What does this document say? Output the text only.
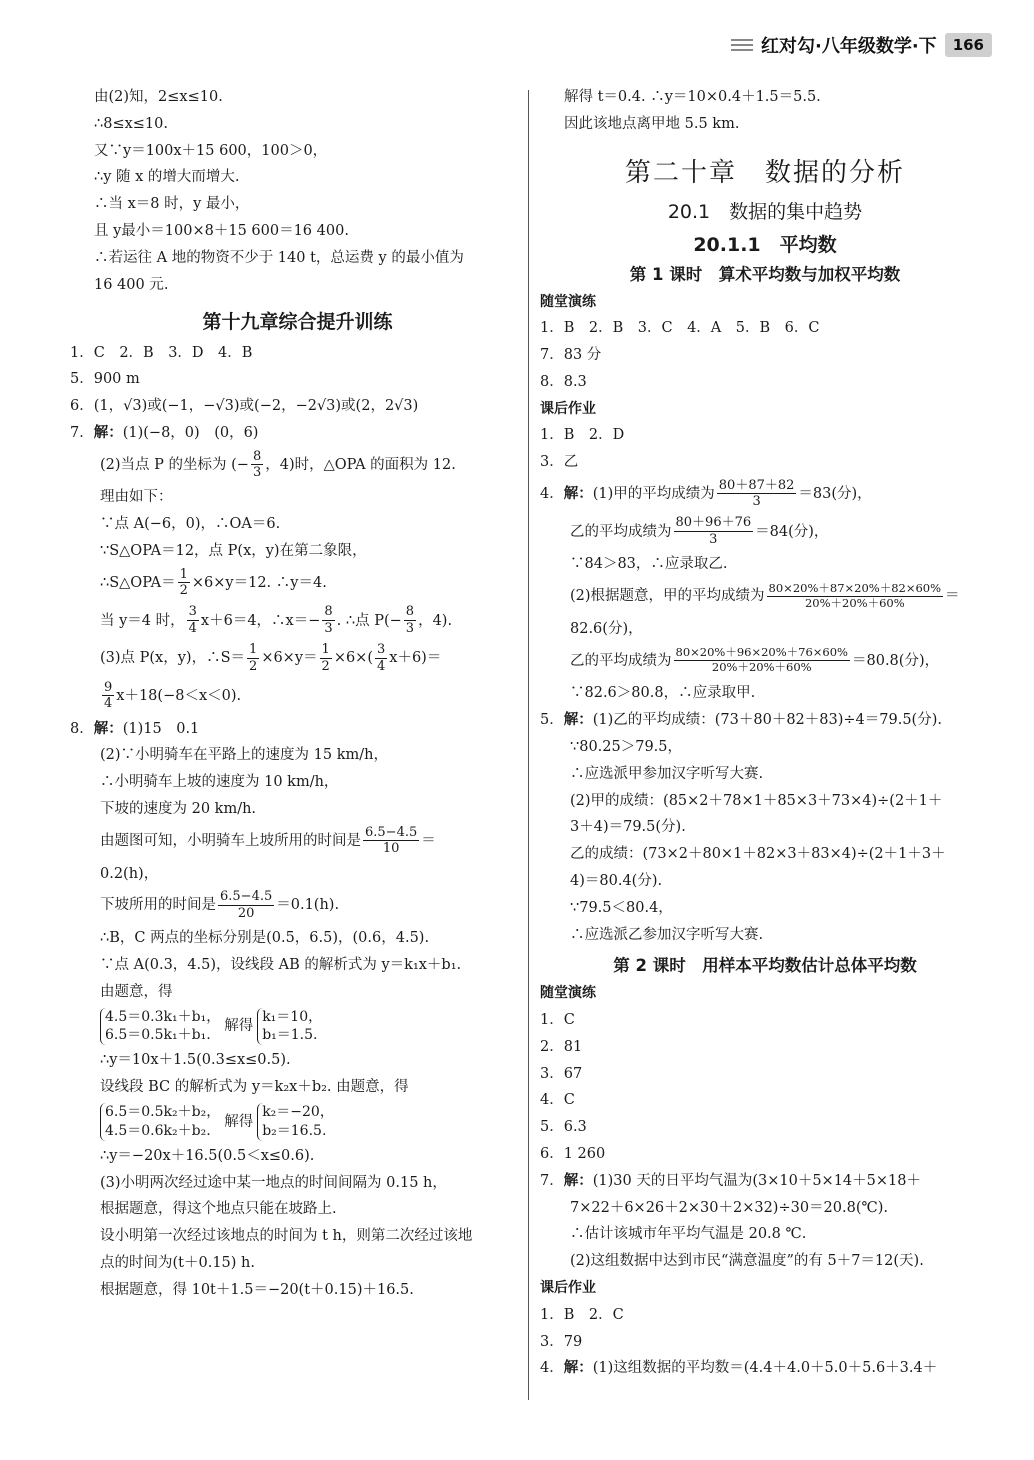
红对勾·八年级数学·下	166
由(2)知，2≤x≤10.
∴8≤x≤10.
又∵y＝100x＋15 600，100＞0，
∴y 随 x 的增大而增大.
∴当 x＝8 时，y 最小，
且 y最小＝100×8＋15 600＝16 400.
∴若运往 A 地的物资不少于 140 t，总运费 y 的最小值为
16 400 元.
第十九章综合提升训练
1．C　2．B　3．D　4．B
5．900 m
6．(1，√3)或(−1，−√3)或(−2，−2√3)或(2，2√3)
7．解：(1)(−8，0)　(0，6)
(2)当点 P 的坐标为 (− $\frac{8}{3}$ ，4)时，△OPA 的面积为 12.
理由如下：
∵点 A(−6，0)，∴OA＝6.
∵S△OPA＝12，点 P(x，y)在第二象限，
∴S△OPA＝ $\frac{1}{2} \times 6\times y=12$. ∴y＝4.
当 y＝4 时， $\frac{3}{4} x+6=4$，∴x＝− $\frac{8}{3}$ . ∴点 $P(- \frac{8}{3}$ ，4).
(3)点 P(x，y)，∴S＝ $\frac{1}{2} \times 6\times y= \frac{1}{2} \times 6\times( \frac{3}{4} x+6)=$
$\frac{9}{4} x+18(-8<x<0)$.
8．解：(1)15　0.1
(2)∵小明骑车在平路上的速度为 15 km/h，
∴小明骑车上坡的速度为 10 km/h，
下坡的速度为 20 km/h.
由题图可知，小明骑车上坡所用的时间是 $\frac{6.5-4.5}{10}$ ＝
0.2(h)，
下坡所用的时间是 $\frac{6.5-4.5}{20} =0.1(h)$.
∴B，C 两点的坐标分别是(0.5，6.5)，(0.6，4.5).
∵点 A(0.3，4.5)，设线段 AB 的解析式为 y＝k₁x＋b₁.
由题意，得
4.5＝0.3k₁＋b₁，
6.5＝0.5k₁＋b₁.
解得
k₁＝10，
b₁＝1.5.
∴y＝10x＋1.5(0.3≤x≤0.5).
设线段 BC 的解析式为 y＝k₂x＋b₂. 由题意，得
6.5＝0.5k₂＋b₂，
4.5＝0.6k₂＋b₂.
解得
k₂＝−20，
b₂＝16.5.
∴y＝−20x＋16.5(0.5＜x≤0.6).
(3)小明两次经过途中某一地点的时间间隔为 0.15 h，
根据题意，得这个地点只能在坡路上.
设小明第一次经过该地点的时间为 t h，则第二次经过该地
点的时间为(t＋0.15) h.
根据题意，得 10t＋1.5＝−20(t＋0.15)＋16.5.
解得 t＝0.4. ∴y＝10×0.4＋1.5＝5.5.
因此该地点离甲地 5.5 km.
第二十章　数据的分析
20.1　数据的集中趋势
20.1.1　平均数
第 1 课时　算术平均数与加权平均数
随堂演练
1．B　2．B　3．C　4．A　5．B　6．C
7．83 分
8．8.3
课后作业
1．B　2．D
3．乙
4．解：(1)甲的平均成绩为 $\frac{80+87+82}{3} =83$(分)，
乙的平均成绩为 $\frac{80+96+76}{3} =84$(分)，
∵84＞83，∴应录取乙.
(2)根据题意，甲的平均成绩为 $\frac{80\times 20\%+87\times 20\%+82\times 60\%}{20\%+20\%+60\%}$ ＝
82.6(分)，
乙的平均成绩为 $\frac{80\times 20\%+96\times 20\%+76\times 60\%}{20\%+20\%+60\%} =80.8$(分)，
∵82.6＞80.8，∴应录取甲.
5．解：(1)乙的平均成绩：(73＋80＋82＋83)÷4＝79.5(分).
∵80.25＞79.5，
∴应选派甲参加汉字听写大赛.
(2)甲的成绩：(85×2＋78×1＋85×3＋73×4)÷(2＋1＋
3＋4)＝79.5(分).
乙的成绩：(73×2＋80×1＋82×3＋83×4)÷(2＋1＋3＋
4)＝80.4(分).
∵79.5＜80.4，
∴应选派乙参加汉字听写大赛.
第 2 课时　用样本平均数估计总体平均数
随堂演练
1．C
2．81
3．67
4．C
5．6.3
6．1 260
7．解：(1)30 天的日平均气温为(3×10＋5×14＋5×18＋
7×22＋6×26＋2×30＋2×32)÷30＝20.8(℃).
∴估计该城市年平均气温是 20.8 ℃.
(2)这组数据中达到市民“满意温度”的有 5＋7＝12(天).
课后作业
1．B　2．C
3．79
4．解：(1)这组数据的平均数＝(4.4＋4.0＋5.0＋5.6＋3.4＋
